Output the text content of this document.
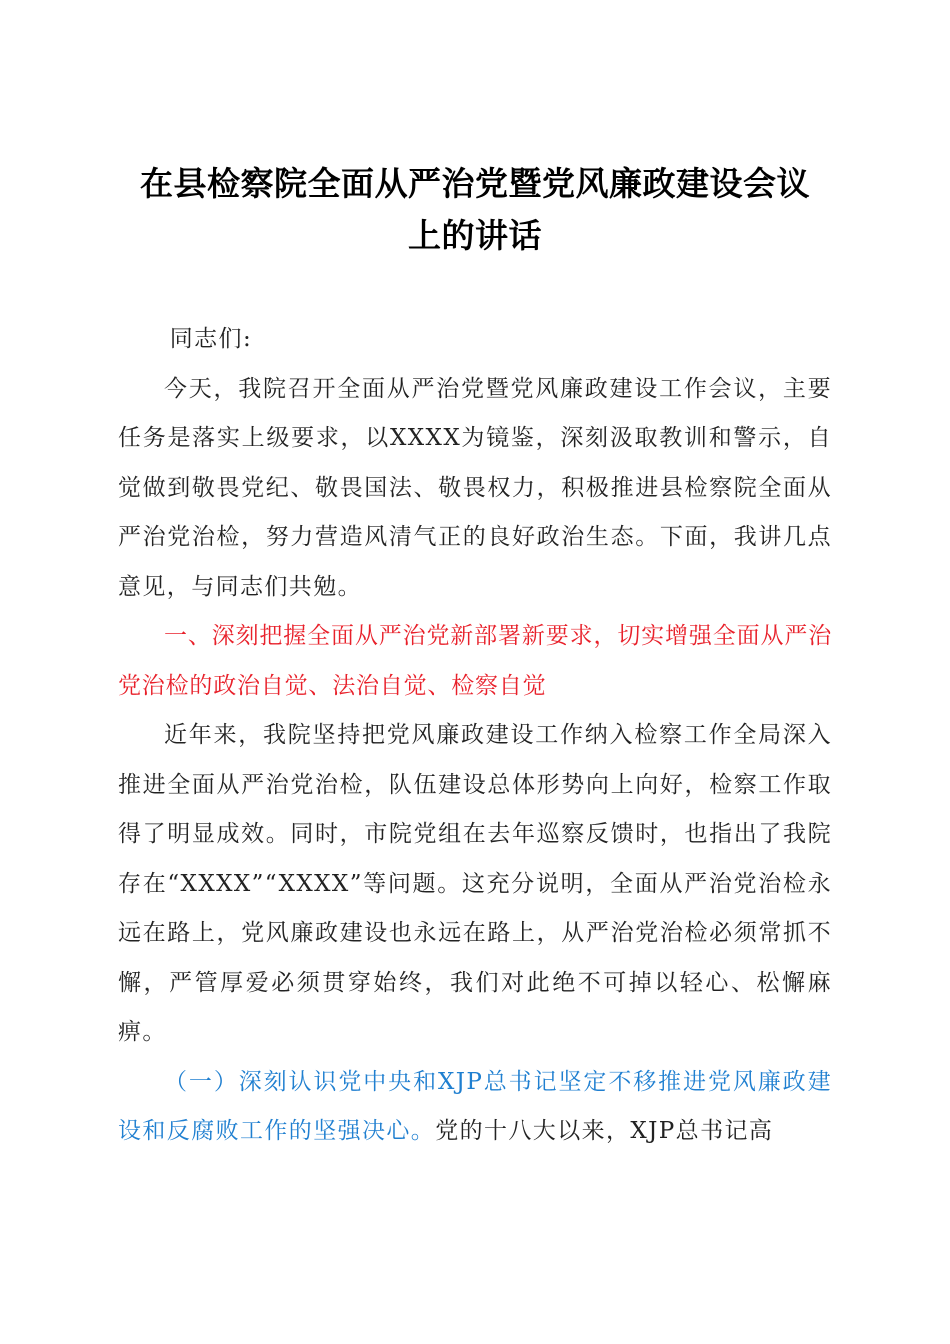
在县检察院全面从严治党暨党风廉政建设会议
上的讲话

同志们:

今天，我院召开全面从严治党暨党风廉政建设工作会议，主要任务是落实上级要求，以XXXX为镜鉴，深刻汲取教训和警示，自觉做到敬畏党纪、敬畏国法、敬畏权力，积极推进县检察院全面从严治党治检，努力营造风清气正的良好政治生态。下面，我讲几点意见，与同志们共勉。

一、深刻把握全面从严治党新部署新要求，切实增强全面从严治党治检的政治自觉、法治自觉、检察自觉

近年来，我院坚持把党风廉政建设工作纳入检察工作全局深入推进全面从严治党治检，队伍建设总体形势向上向好，检察工作取得了明显成效。同时，市院党组在去年巡察反馈时，也指出了我院存在“XXXX”“XXXX”等问题。这充分说明，全面从严治党治检永远在路上，党风廉政建设也永远在路上，从严治党治检必须常抓不懈，严管厚爱必须贯穿始终，我们对此绝不可掉以轻心、松懈麻痹。

（一）深刻认识党中央和XJP总书记坚定不移推进党风廉政建设和反腐败工作的坚强决心。党的十八大以来，XJP总书记高
